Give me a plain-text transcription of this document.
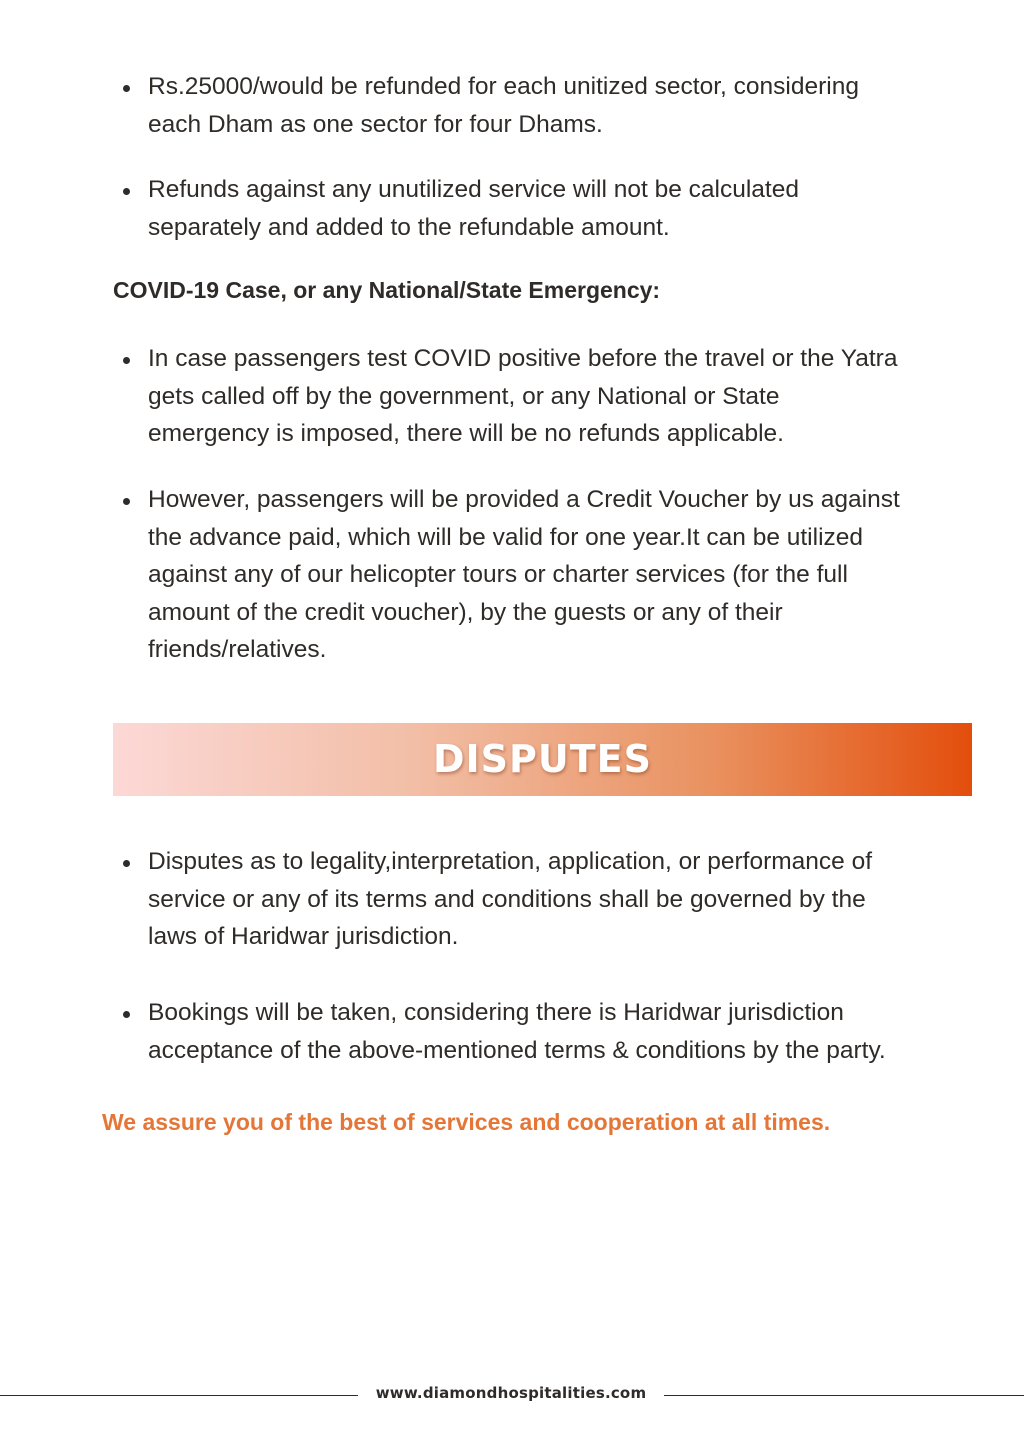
Rs.25000/would be refunded for each unitized sector, considering
each Dham as one sector for four Dhams.
Refunds against any unutilized service will not be calculated
separately and added to the refundable amount.
COVID-19 Case, or any National/State Emergency:
In case passengers test COVID positive before the travel or the Yatra
gets called off by the government, or any National or State
emergency is imposed, there will be no refunds applicable.
However, passengers will be provided a Credit Voucher by us against
the advance paid, which will be valid for one year.It can be utilized
against any of our helicopter tours or charter services (for the full
amount of the credit voucher), by the guests or any of their
friends/relatives.
DISPUTES
Disputes as to legality,interpretation, application, or performance of
service or any of its terms and conditions shall be governed by the
laws of Haridwar jurisdiction.
Bookings will be taken, considering there is Haridwar jurisdiction
acceptance of the above-mentioned terms & conditions by the party.

We assure you of the best of services and cooperation at all times.

www.diamondhospitalities.com
